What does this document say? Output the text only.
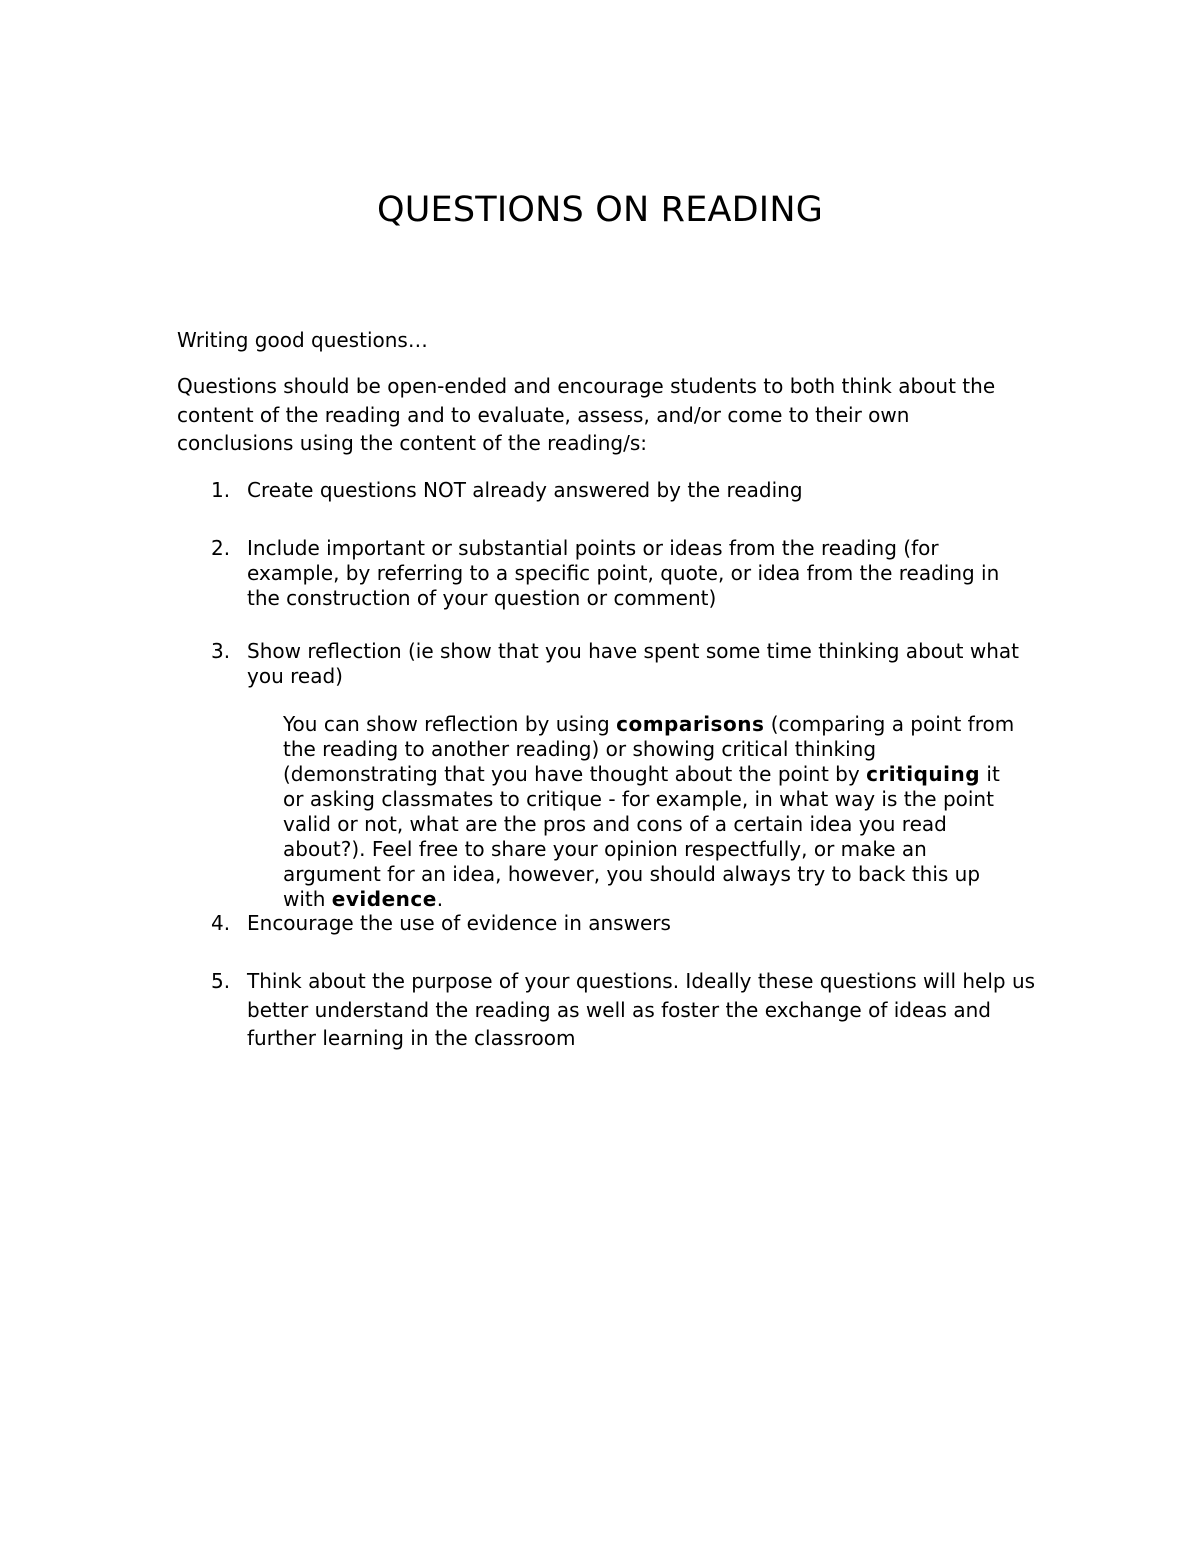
QUESTIONS ON READING

Writing good questions…

Questions should be open-ended and encourage students to both think about the content of the reading and to evaluate, assess, and/or come to their own conclusions using the content of the reading/s:

1. Create questions NOT already answered by the reading
2. Include important or substantial points or ideas from the reading (for example, by referring to a specific point, quote, or idea from the reading in the construction of your question or comment)
3. Show reflection (ie show that you have spent some time thinking about what you read)

You can show reflection by using comparisons (comparing a point from the reading to another reading) or showing critical thinking (demonstrating that you have thought about the point by critiquing it or asking classmates to critique - for example, in what way is the point valid or not, what are the pros and cons of a certain idea you read about?). Feel free to share your opinion respectfully, or make an argument for an idea, however, you should always try to back this up with evidence.

4. Encourage the use of evidence in answers
5. Think about the purpose of your questions. Ideally these questions will help us better understand the reading as well as foster the exchange of ideas and further learning in the classroom
